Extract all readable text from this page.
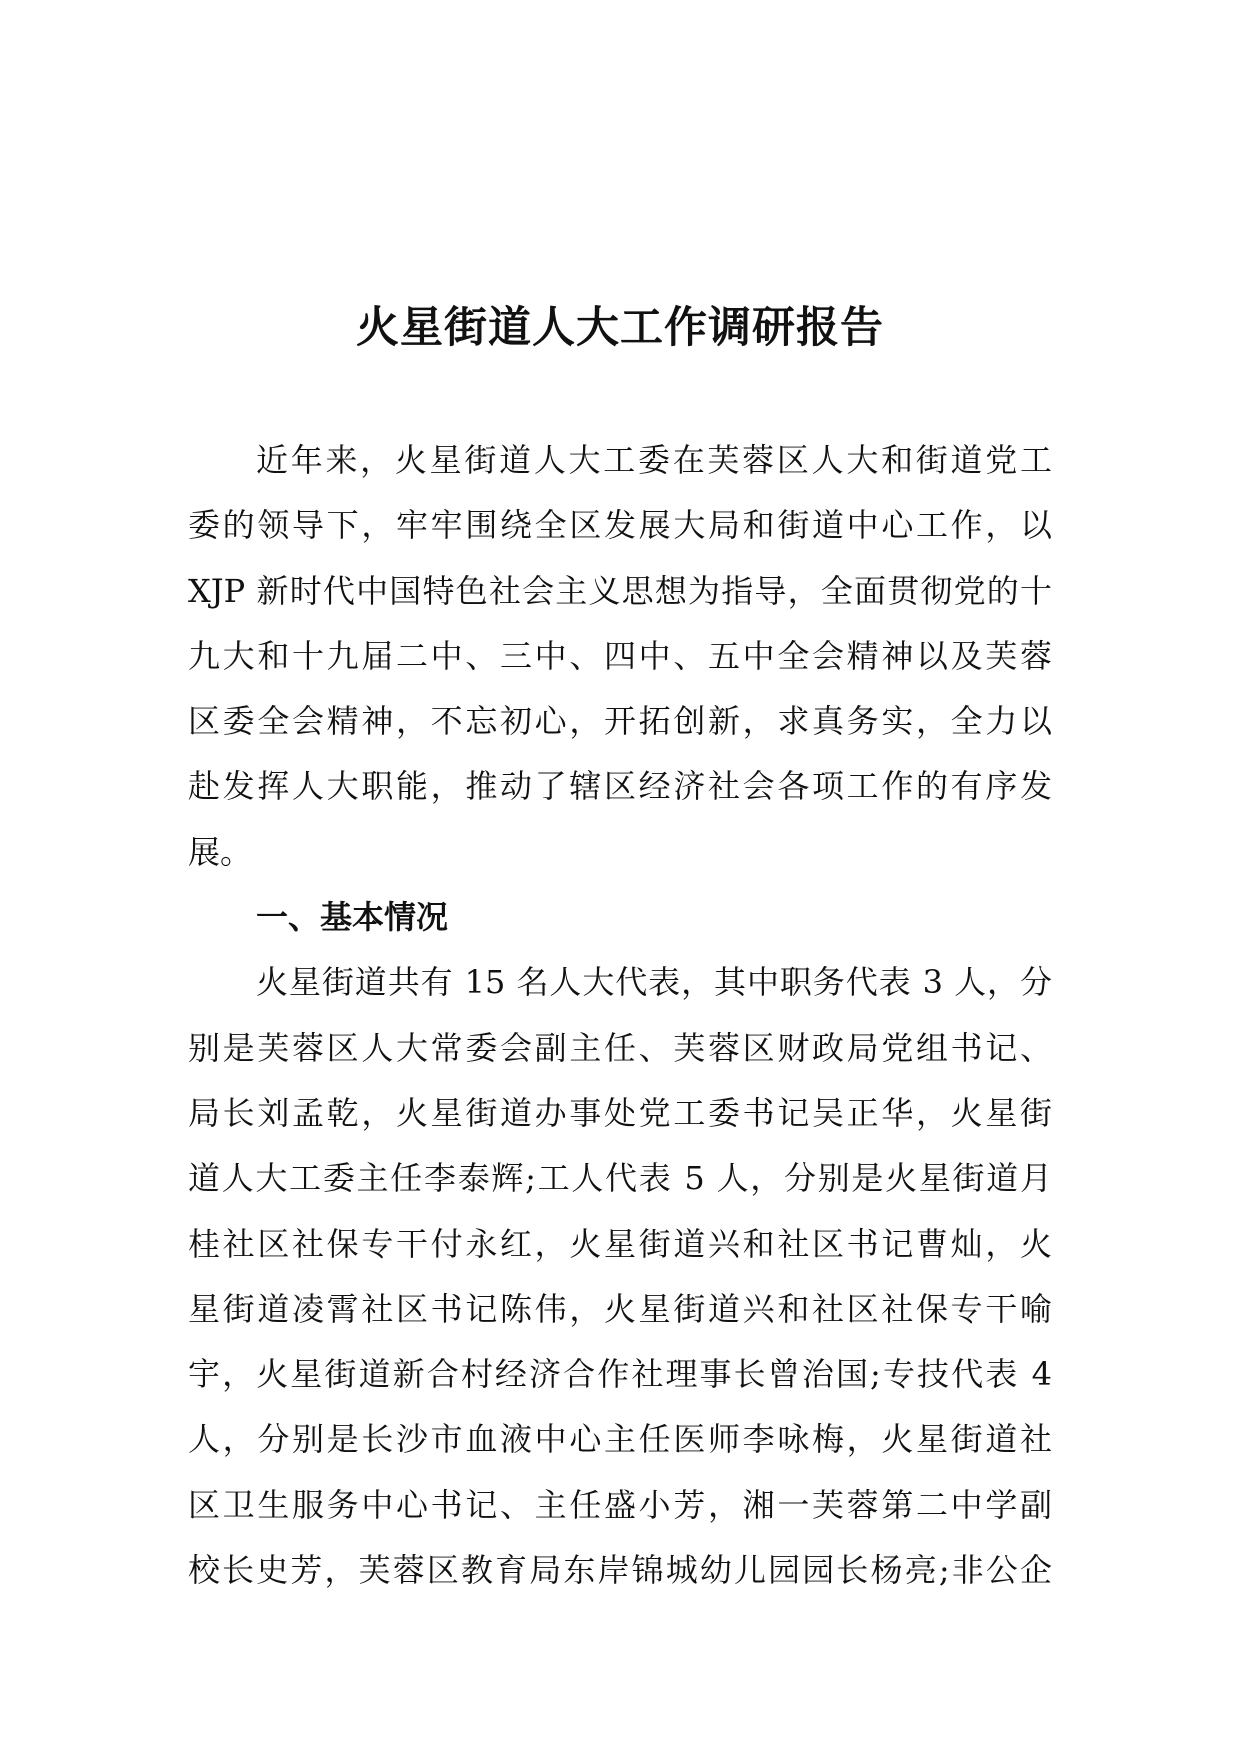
火星街道人大工作调研报告
近年来，火星街道人大工委在芙蓉区人大和街道党工
委的领导下，牢牢围绕全区发展大局和街道中心工作，以
XJP 新时代中国特色社会主义思想为指导，全面贯彻党的十
九大和十九届二中、三中、四中、五中全会精神以及芙蓉
区委全会精神，不忘初心，开拓创新，求真务实，全力以
赴发挥人大职能，推动了辖区经济社会各项工作的有序发
展。
一、基本情况
火星街道共有 15 名人大代表，其中职务代表 3 人，分
别是芙蓉区人大常委会副主任、芙蓉区财政局党组书记、
局长刘孟乾，火星街道办事处党工委书记吴正华，火星街
道人大工委主任李泰辉;工人代表 5 人，分别是火星街道月
桂社区社保专干付永红，火星街道兴和社区书记曹灿，火
星街道凌霄社区书记陈伟，火星街道兴和社区社保专干喻
宇，火星街道新合村经济合作社理事长曾治国;专技代表 4
人，分别是长沙市血液中心主任医师李咏梅，火星街道社
区卫生服务中心书记、主任盛小芳，湘一芙蓉第二中学副
校长史芳，芙蓉区教育局东岸锦城幼儿园园长杨亮;非公企
